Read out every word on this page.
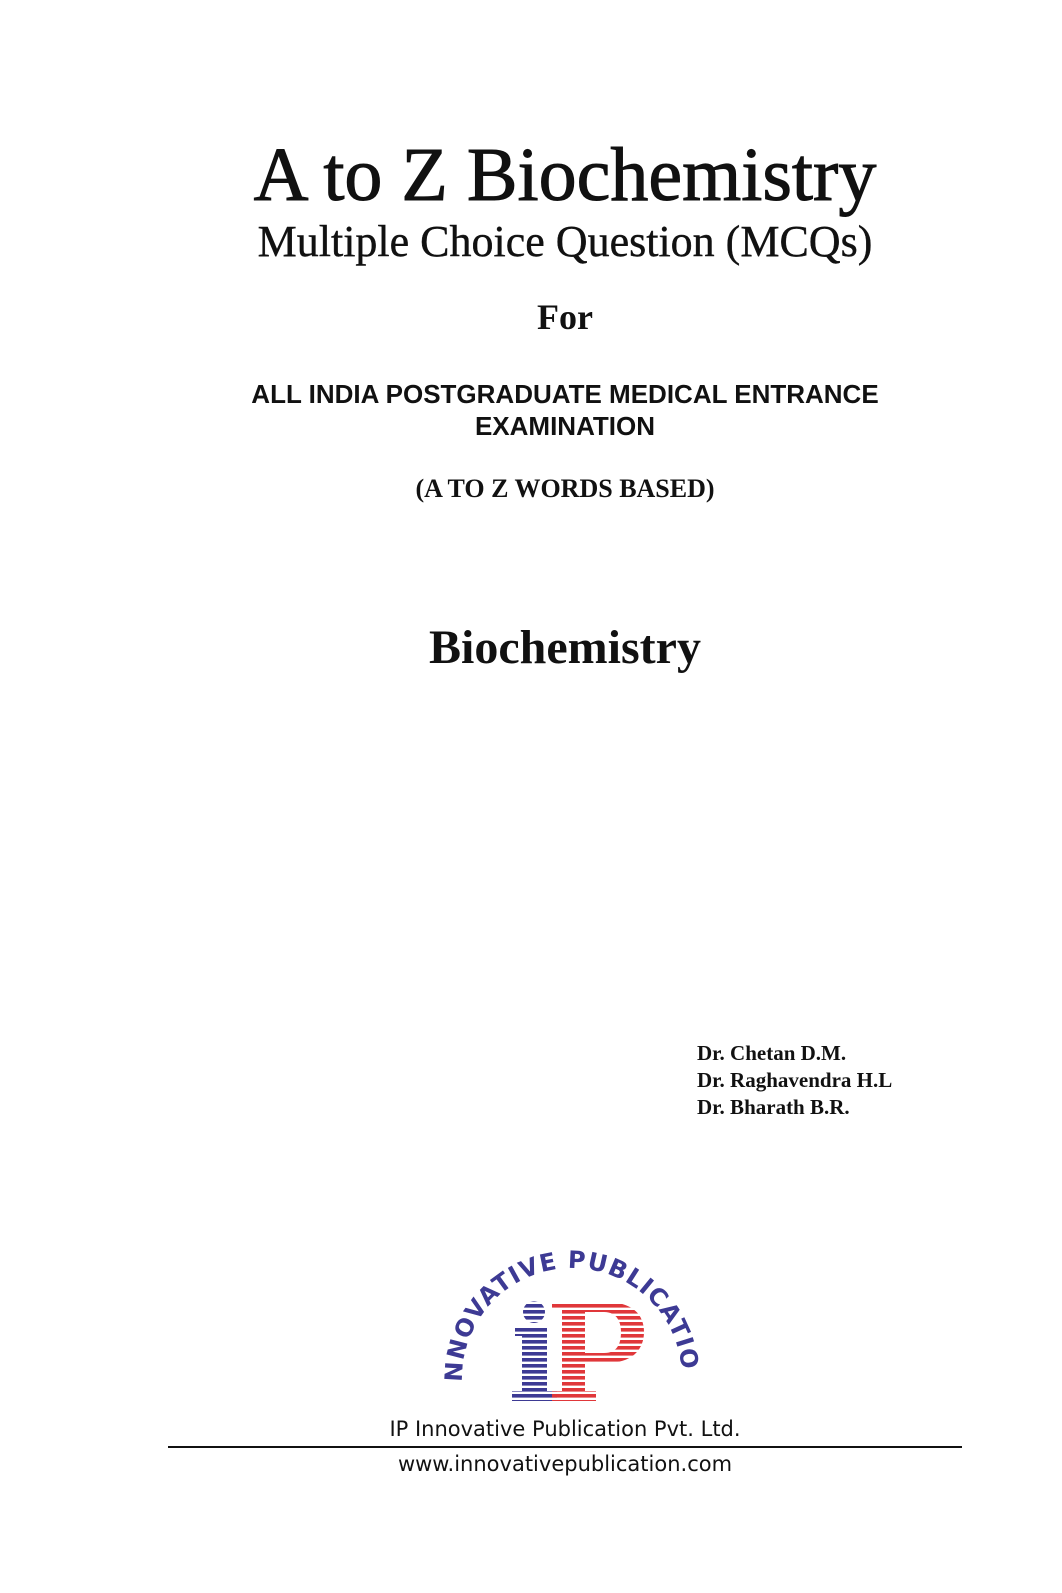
A to Z Biochemistry
Multiple Choice Question (MCQs)
For
ALL INDIA POSTGRADUATE MEDICAL ENTRANCE
EXAMINATION
(A TO Z WORDS BASED)
Biochemistry
Dr. Chetan D.M.
Dr. Raghavendra H.L
Dr. Bharath B.R.
NNOVATIVE PUBLICATIO
IP Innovative Publication Pvt. Ltd.
www.innovativepublication.com
